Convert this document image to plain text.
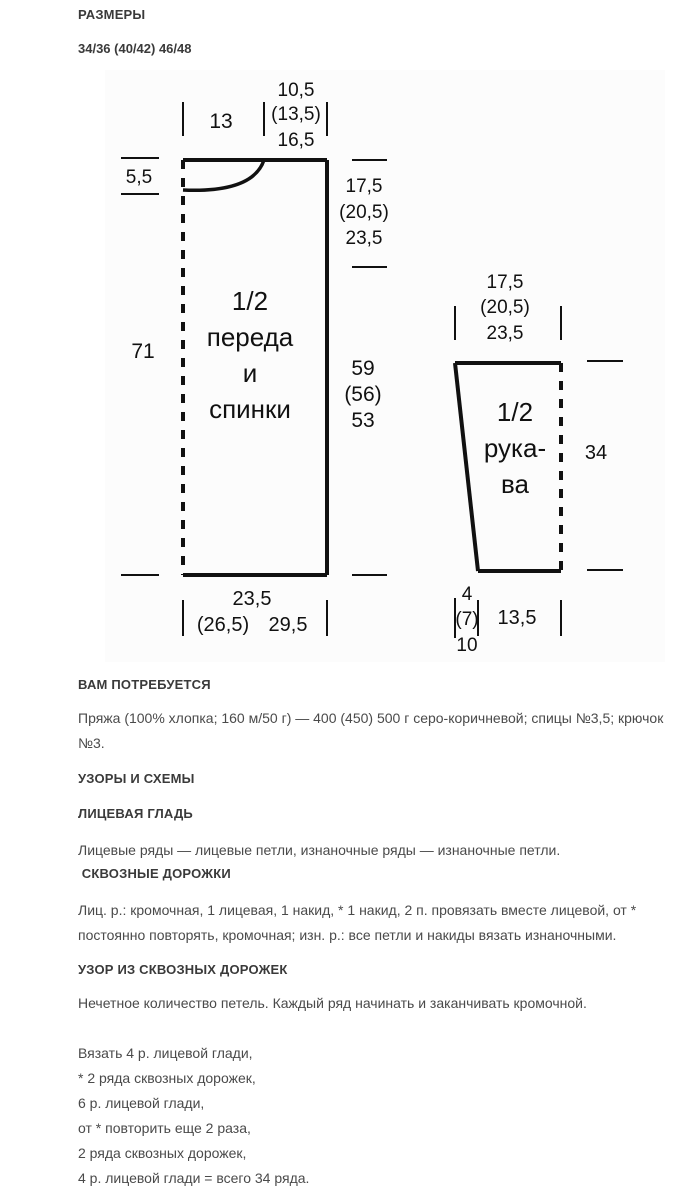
РАЗМЕРЫ
34/36 (40/42) 46/48
1/2
переда
и
спинки
13
10,5
(13,5)
16,5
5,5	17,5
(20,5)
23,5
71
59
(56)
53
23,5
(26,5) 29,5
1/2
рука-
ва
17,5
(20,5)
23,5
34
4
(7)
10
13,5
ВАМ ПОТРЕБУЕТСЯ
Пряжа (100% хлопка; 160 м/50 г) — 400 (450) 500 г серо-коричневой; спицы №3,5; крючок №3.
УЗОРЫ И СХЕМЫ
ЛИЦЕВАЯ ГЛАДЬ
Лицевые ряды — лицевые петли, изнаночные ряды — изнаночные петли.
СКВОЗНЫЕ ДОРОЖКИ
Лиц. р.: кромочная, 1 лицевая, 1 накид, * 1 накид, 2 п. провязать вместе лицевой, от * постоянно повторять, кромочная; изн. р.: все петли и накиды вязать изнаночными.
УЗОР ИЗ СКВОЗНЫХ ДОРОЖЕК
Нечетное количество петель. Каждый ряд начинать и заканчивать кромочной.
Вязать 4 р. лицевой глади,
* 2 ряда сквозных дорожек,
6 р. лицевой глади,
от * повторить еще 2 раза,
2 ряда сквозных дорожек,
4 р. лицевой глади = всего 34 ряда.
